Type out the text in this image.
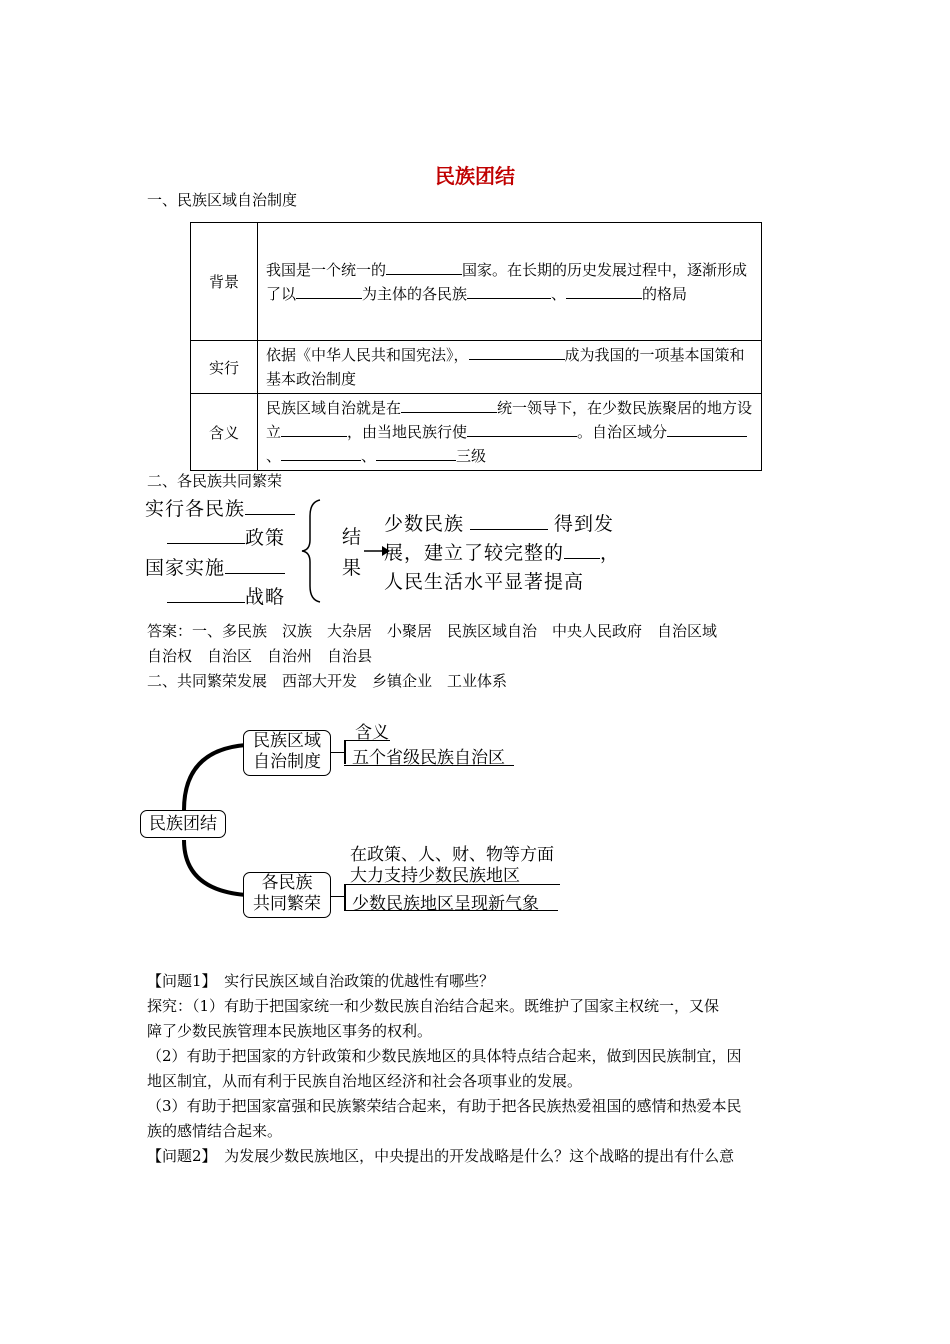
民族团结
一、民族区域自治制度
背景	我国是一个统一的 国家。在长期的历史发展过程中，逐渐形成了以 为主体的各民族 、 的格局
实行	依据《中华人民共和国宪法》， 成为我国的一项基本国策和基本政治制度
含义	民族区域自治就是在 统一领导下，在少数民族聚居的地方设立 ，由当地民族行使 。自治区域分、 、 三级
二、各民族共同繁荣
实行各民族
政策
国家实施
战略
结
果
少数民族	得到发
展，建立了较完整的 ，
人民生活水平显著提高
答案：一、多民族　汉族　大杂居　小聚居　民族区域自治　中央人民政府　自治区域
自治权　自治区　自治州　自治县
二、共同繁荣发展　西部大开发　乡镇企业　工业体系
民族团结
民族区域
自治制度
含义
五个省级民族自治区
各民族
共同繁荣
在政策、人、财、物等方面
大力支持少数民族地区
少数民族地区呈现新气象
【问题1】　 实行民族区域自治政策的优越性有哪些？
探究：（1）有助于把国家统一和少数民族自治结合起来。既维护了国家主权统一，又保
障了少数民族管理本民族地区事务的权利。
（2）有助于把国家的方针政策和少数民族地区的具体特点结合起来，做到因民族制宜，因
地区制宜，从而有利于民族自治地区经济和社会各项事业的发展。
（3）有助于把国家富强和民族繁荣结合起来，有助于把各民族热爱祖国的感情和热爱本民
族的感情结合起来。
【问题2】　 为发展少数民族地区，中央提出的开发战略是什么？这个战略的提出有什么意
